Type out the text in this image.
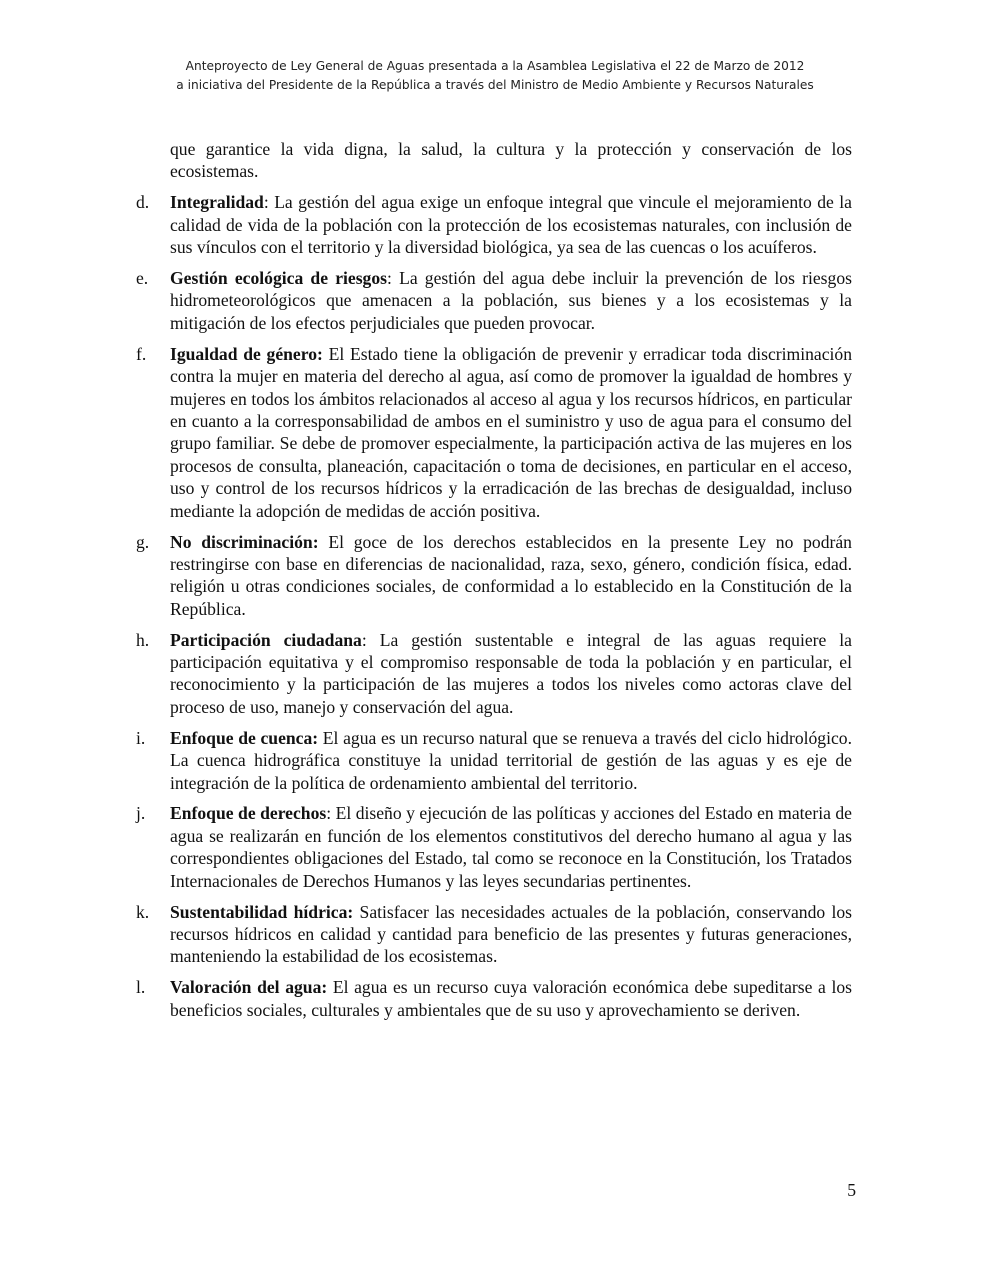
Anteproyecto de Ley General de Aguas presentada a la Asamblea Legislativa el 22 de Marzo de 2012
a iniciativa del Presidente de la República a través del Ministro de Medio Ambiente y Recursos Naturales
que garantice la vida digna, la salud, la cultura y la protección y conservación de los ecosistemas.
d.	Integralidad: La gestión del agua exige un enfoque integral que vincule el mejoramiento de la calidad de vida de la población con la protección de los ecosistemas naturales, con inclusión de sus vínculos con el territorio y la diversidad biológica, ya sea de las cuencas o los acuíferos.
e.	Gestión ecológica de riesgos: La gestión del agua debe incluir la prevención de los riesgos hidrometeorológicos que amenacen a la población, sus bienes y a los ecosistemas y la mitigación de los efectos perjudiciales que pueden provocar.
f.	Igualdad de género: El Estado tiene la obligación de prevenir y erradicar toda discriminación contra la mujer en materia del derecho al agua, así como de promover la igualdad de hombres y mujeres en todos los ámbitos relacionados al acceso al agua y los recursos hídricos, en particular en cuanto a la corresponsabilidad de ambos en el suministro y uso de agua para el consumo del grupo familiar. Se debe de promover especialmente, la participación activa de las mujeres en los procesos de consulta, planeación, capacitación o toma de decisiones, en particular en el acceso, uso y control de los recursos hídricos y la erradicación de las brechas de desigualdad, incluso mediante la adopción de medidas de acción positiva.
g.	No discriminación: El goce de los derechos establecidos en la presente Ley no podrán restringirse con base en diferencias de nacionalidad, raza, sexo, género, condición física, edad. religión u otras condiciones sociales, de conformidad a lo establecido en la Constitución de la República.
h.	Participación ciudadana: La gestión sustentable e integral de las aguas requiere la participación equitativa y el compromiso responsable de toda la población y en particular, el reconocimiento y la participación de las mujeres a todos los niveles como actoras clave del proceso de uso, manejo y conservación del agua.
i.	Enfoque de cuenca: El agua es un recurso natural que se renueva a través del ciclo hidrológico. La cuenca hidrográfica constituye la unidad territorial de gestión de las aguas y es eje de integración de la política de ordenamiento ambiental del territorio.
j.	Enfoque de derechos: El diseño y ejecución de las políticas y acciones del Estado en materia de agua se realizarán en función de los elementos constitutivos del derecho humano al agua y las correspondientes obligaciones del Estado, tal como se reconoce en la Constitución, los Tratados Internacionales de Derechos Humanos y las leyes secundarias pertinentes.
k.	Sustentabilidad hídrica: Satisfacer las necesidades actuales de la población, conservando los recursos hídricos en calidad y cantidad para beneficio de las presentes y futuras generaciones, manteniendo la estabilidad de los ecosistemas.
l.	Valoración del agua: El agua es un recurso cuya valoración económica debe supeditarse a los beneficios sociales, culturales y ambientales que de su uso y aprovechamiento se deriven.
5
